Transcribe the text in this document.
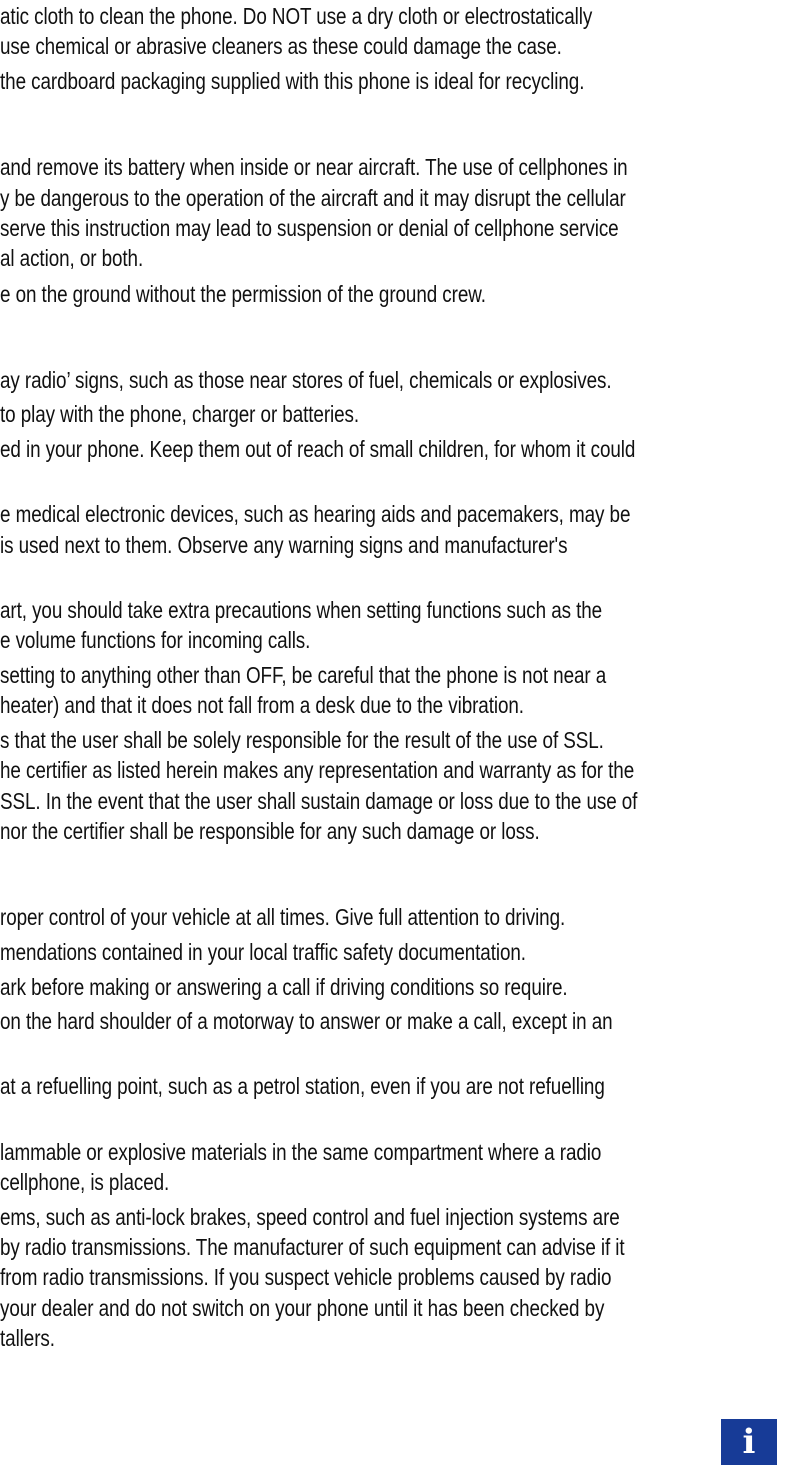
atic cloth to clean the phone. Do NOT use a dry cloth or electrostatically
use chemical or abrasive cleaners as these could damage the case.
the cardboard packaging supplied with this phone is ideal for recycling.
and remove its battery when inside or near aircraft. The use of cellphones in
y be dangerous to the operation of the aircraft and it may disrupt the cellular
serve this instruction may lead to suspension or denial of cellphone service
al action, or both.
e on the ground without the permission of the ground crew.
ay radio’ signs, such as those near stores of fuel, chemicals or explosives.
to play with the phone, charger or batteries.
ed in your phone. Keep them out of reach of small children, for whom it could
e medical electronic devices, such as hearing aids and pacemakers, may be
is used next to them. Observe any warning signs and manufacturer's
art, you should take extra precautions when setting functions such as the
e volume functions for incoming calls.
setting to anything other than OFF, be careful that the phone is not near a
heater) and that it does not fall from a desk due to the vibration.
s that the user shall be solely responsible for the result of the use of SSL.
he certifier as listed herein makes any representation and warranty as for the
SSL. In the event that the user shall sustain damage or loss due to the use of
nor the certifier shall be responsible for any such damage or loss.
roper control of your vehicle at all times. Give full attention to driving.
mendations contained in your local traffic safety documentation.
ark before making or answering a call if driving conditions so require.
on the hard shoulder of a motorway to answer or make a call, except in an
at a refuelling point, such as a petrol station, even if you are not refuelling
lammable or explosive materials in the same compartment where a radio
cellphone, is placed.
ems, such as anti-lock brakes, speed control and fuel injection systems are
by radio transmissions. The manufacturer of such equipment can advise if it
from radio transmissions. If you suspect vehicle problems caused by radio
your dealer and do not switch on your phone until it has been checked by
tallers.
i
